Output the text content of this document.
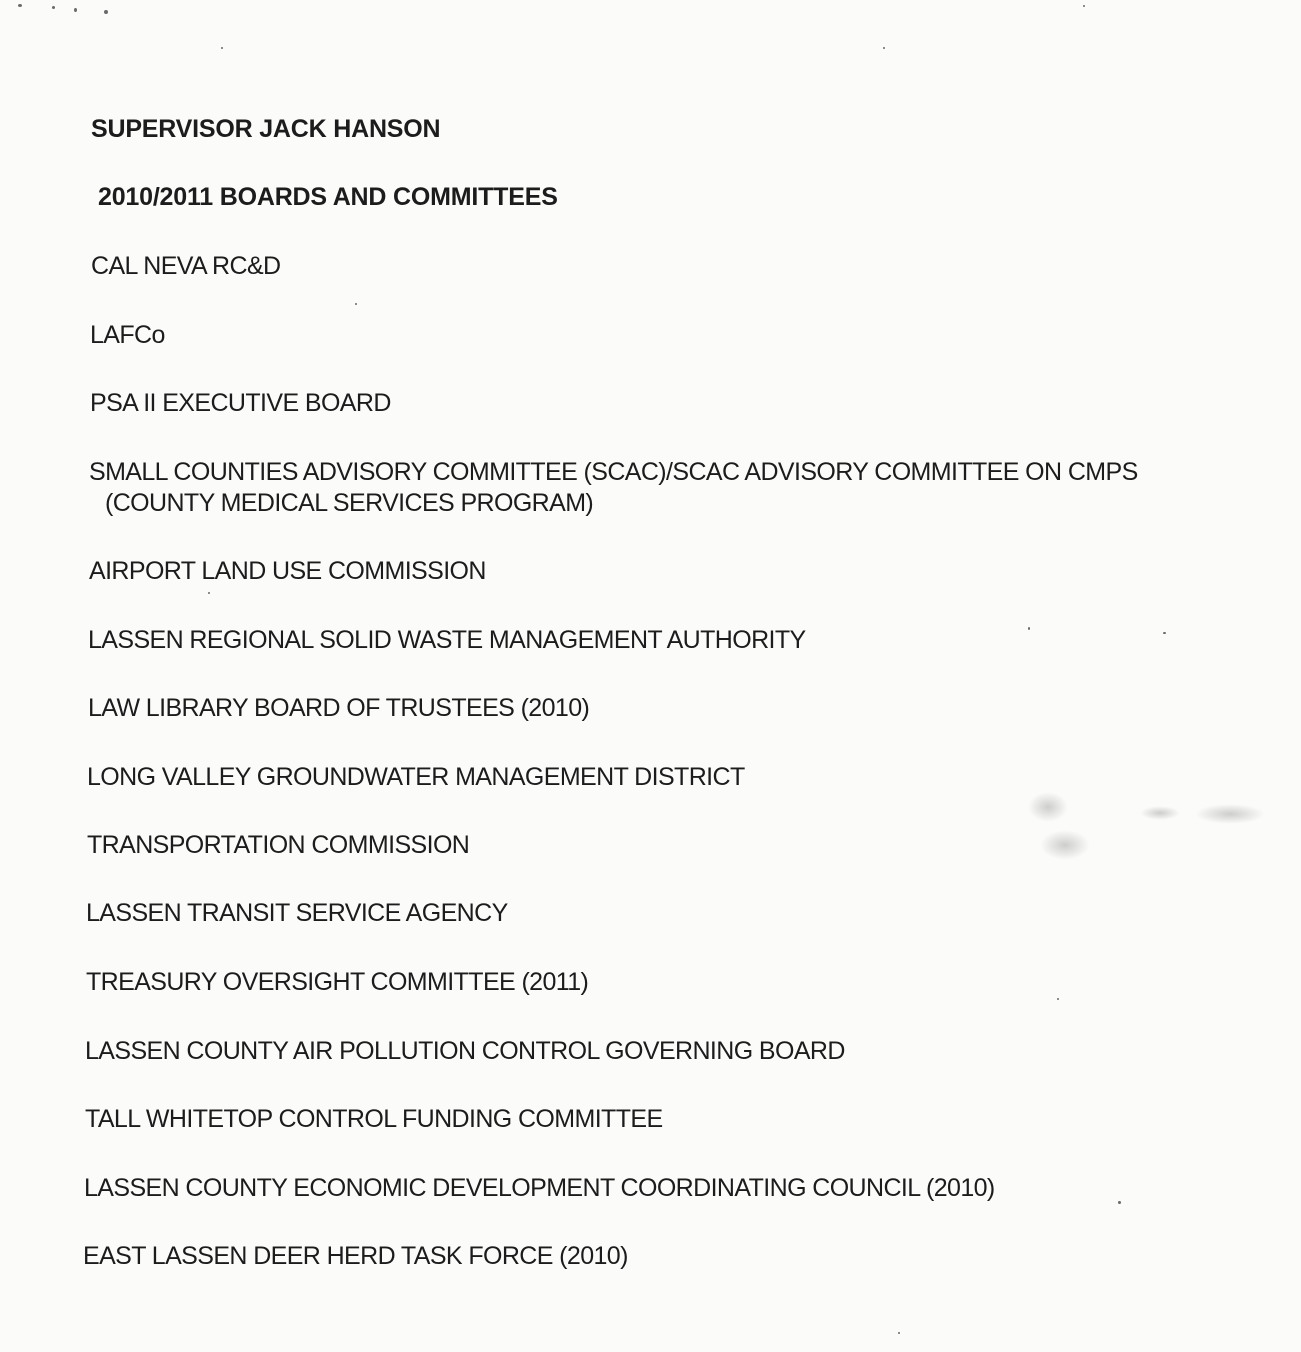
SUPERVISOR JACK HANSON
2010/2011 BOARDS AND COMMITTEES
CAL NEVA RC&D
LAFCo
PSA II EXECUTIVE BOARD
SMALL COUNTIES ADVISORY COMMITTEE (SCAC)/SCAC ADVISORY COMMITTEE ON CMPS
(COUNTY MEDICAL SERVICES PROGRAM)
AIRPORT LAND USE COMMISSION
LASSEN REGIONAL SOLID WASTE MANAGEMENT AUTHORITY
LAW LIBRARY BOARD OF TRUSTEES (2010)
LONG VALLEY GROUNDWATER MANAGEMENT DISTRICT
TRANSPORTATION COMMISSION
LASSEN TRANSIT SERVICE AGENCY
TREASURY OVERSIGHT COMMITTEE (2011)
LASSEN COUNTY AIR POLLUTION CONTROL GOVERNING BOARD
TALL WHITETOP CONTROL FUNDING COMMITTEE
LASSEN COUNTY ECONOMIC DEVELOPMENT COORDINATING COUNCIL (2010)
EAST LASSEN DEER HERD TASK FORCE (2010)
